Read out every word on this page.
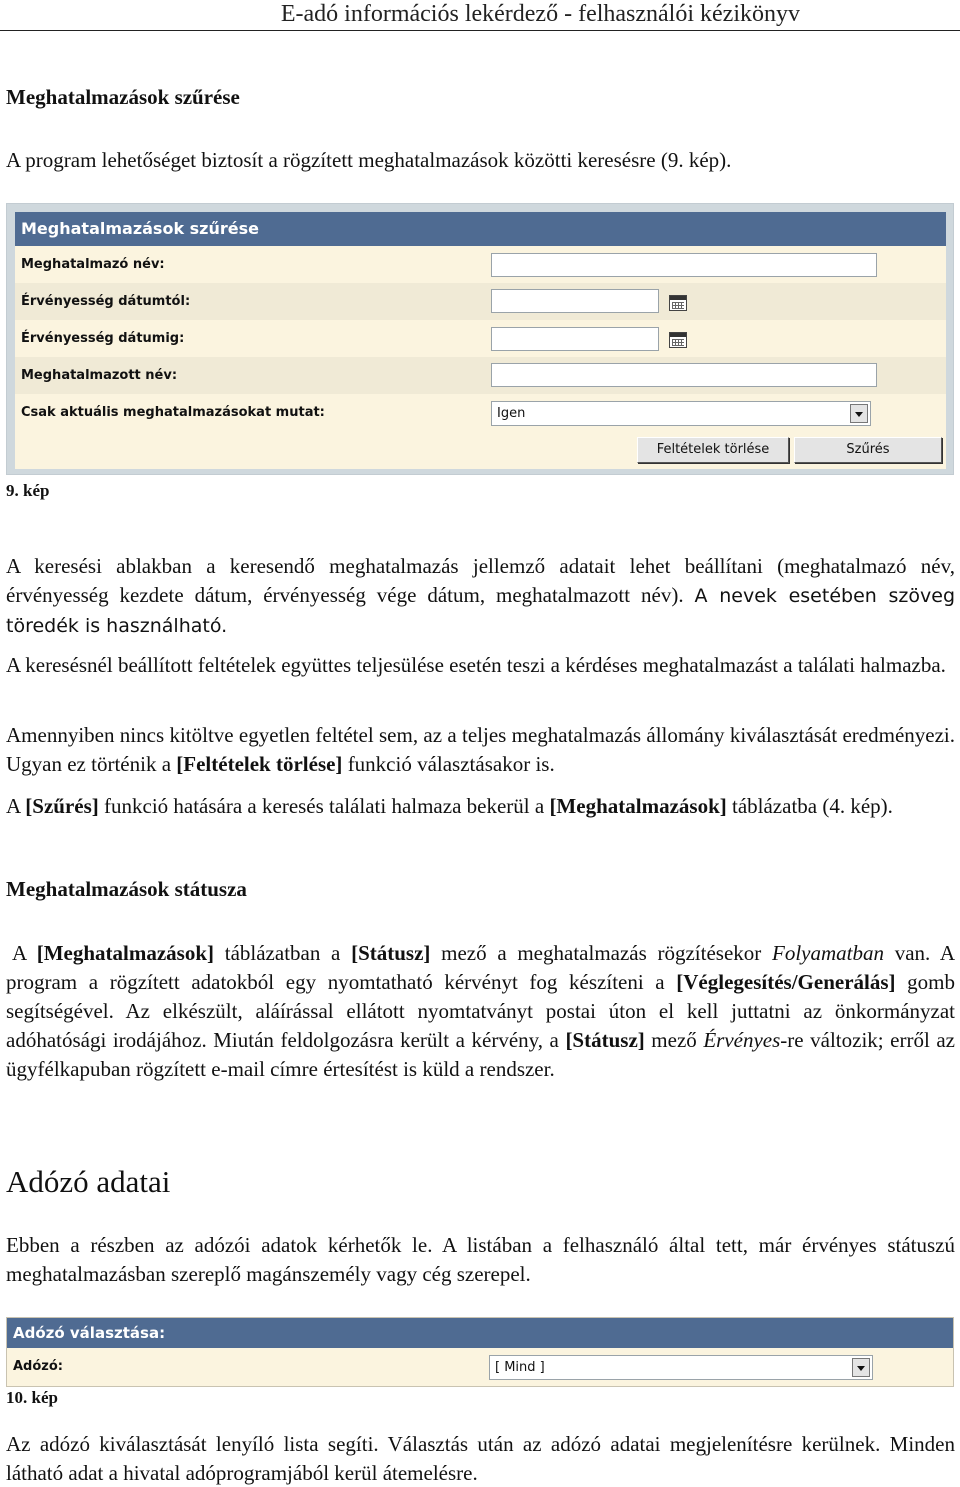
E-adó információs lekérdező - felhasználói kézikönyv
Meghatalmazások szűrése
A program lehetőséget biztosít a rögzített meghatalmazások közötti keresésre (9. kép).
Meghatalmazások szűrése
Meghatalmazó név:
Érvényesség dátumtól:
Érvényesség dátumig:
Meghatalmazott név:
Csak aktuális meghatalmazásokat mutat:	Igen
Feltételek törlése	Szűrés
9. kép
A keresési ablakban a keresendő meghatalmazás jellemző adatait lehet beállítani (meghatalmazó név, érvényesség kezdete dátum, érvényesség vége dátum, meghatalmazott név). A nevek esetében szöveg töredék is használható.
A keresésnél beállított feltételek együttes teljesülése esetén teszi a kérdéses meghatalmazást a találati halmazba.
Amennyiben nincs kitöltve egyetlen feltétel sem, az a teljes meghatalmazás állomány kiválasztását eredményezi. Ugyan ez történik a [Feltételek törlése] funkció választásakor is.
A [Szűrés] funkció hatására a keresés találati halmaza bekerül a [Meghatalmazások] táblázatba (4. kép).
Meghatalmazások státusza
A [Meghatalmazások] táblázatban a [Státusz] mező a meghatalmazás rögzítésekor Folyamatban van. A program a rögzített adatokból egy nyomtatható kérvényt fog készíteni a [Véglegesítés/Generálás] gomb segítségével. Az elkészült, aláírással ellátott nyomtatványt postai úton el kell juttatni az önkormányzat adóhatósági irodájához. Miután feldolgozásra került a kérvény, a [Státusz] mező Érvényes-re változik; erről az ügyfélkapuban rögzített e-mail címre értesítést is küld a rendszer.
Adózó adatai
Ebben a részben az adózói adatok kérhetők le. A listában a felhasználó által tett, már érvényes státuszú meghatalmazásban szereplő magánszemély vagy cég szerepel.
Adózó választása:
Adózó:	[ Mind ]
10. kép
Az adózó kiválasztását lenyíló lista segíti. Választás után az adózó adatai megjelenítésre kerülnek. Minden látható adat a hivatal adóprogramjából kerül átemelésre.
